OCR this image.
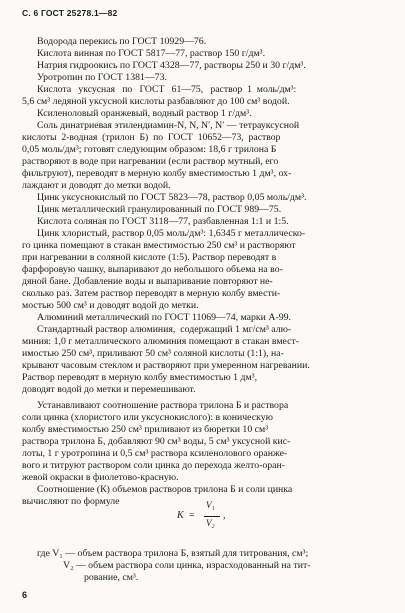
С. 6 ГОСТ 25278.1—82
Водорода перекись по ГОСТ 10929—76.
Кислота винная по ГОСТ 5817—77, раствор 150 г/дм³.
Натрия гидроокись по ГОСТ 4328—77, растворы 250 и 30 г/дм³.
Уротропин по ГОСТ 1381—73.
Кислота   уксусная   по   ГОСТ   61—75,   раствор  1  моль/дм³:
5,6 см³ ледяной уксусной кислоты разбавляют до 100 см³ водой.
Ксиленоловый оранжевый, водный раствор 1 г/дм³.
Соль динатриевая этилендиамин-N, N, N′, N′ — тетрауксусной
кислоты  2-водная  (трилон  Б)  по  ГОСТ  10652—73,  раствор
0,05 моль/дм³; готовят следующим образом: 18,6 г трилона Б
растворяют в воде при нагревании (если раствор мутный, его
фильтруют), переводят в мерную колбу вместимостью 1 дм³, ох-
лаждают и доводят до метки водой.
Цинк уксуснокислый по ГОСТ 5823—78, раствор 0,05 моль/дм³.
Цинк металлический гранулированный по ГОСТ 989—75.
Кислота соляная по ГОСТ 3118—77, разбавленная 1:1 и 1:5.
Цинк хлористый, раствор 0,05 моль/дм³: 1,6345 г металлическо-
го цинка помещают в стакан вместимостью 250 см³ и растворяют
при нагревании в соляной кислоте (1:5). Раствор переводят в
фарфоровую чашку, выпаривают до небольшого объема на во-
дяной бане. Добавление воды и выпаривание повторяют не-
сколько раз. Затем раствор переводят в мерную колбу вмести-
мостью 500 см³ и доводят водой до метки.
Алюминий металлический по ГОСТ 11069—74, марки А-99.
Стандартный раствор алюминия,  содержащий 1 мг/см³ алю-
миния: 1,0 г металлического алюминия помещают в стакан вмест-
имостью 250 см³, приливают 50 см³ соляной кислоты (1:1), на-
крывают часовым стеклом и растворяют при умеренном нагревании.
Раствор переводят в мерную колбу вместимостью 1 дм³,
доводят водой до метки и перемешивают.
Устанавливают соотношение раствора трилона Б и раствора
соли цинка (хлористого или уксуснокислого): в коническую
колбу вместимостью 250 см³ приливают из бюретки 10 см³
раствора трилона Б, добавляют 90 см³ воды, 5 см³ уксусной кис-
лоты, 1 г уротропина и 0,5 см³ раствора ксиленолового оранже-
вого и титруют раствором соли цинка до перехода желто-оран-
жевой окраски в фиолетово-красную.
Соотношение (К) объемов растворов трилона Б и соли цинка
вычисляют по формуле
где V₁ — объем раствора трилона Б, взятый для титрования, см³;
V₂ — объем раствора соли цинка, израсходованный на тит-
рование, см³.
K =
V₁
V₂
,
6
